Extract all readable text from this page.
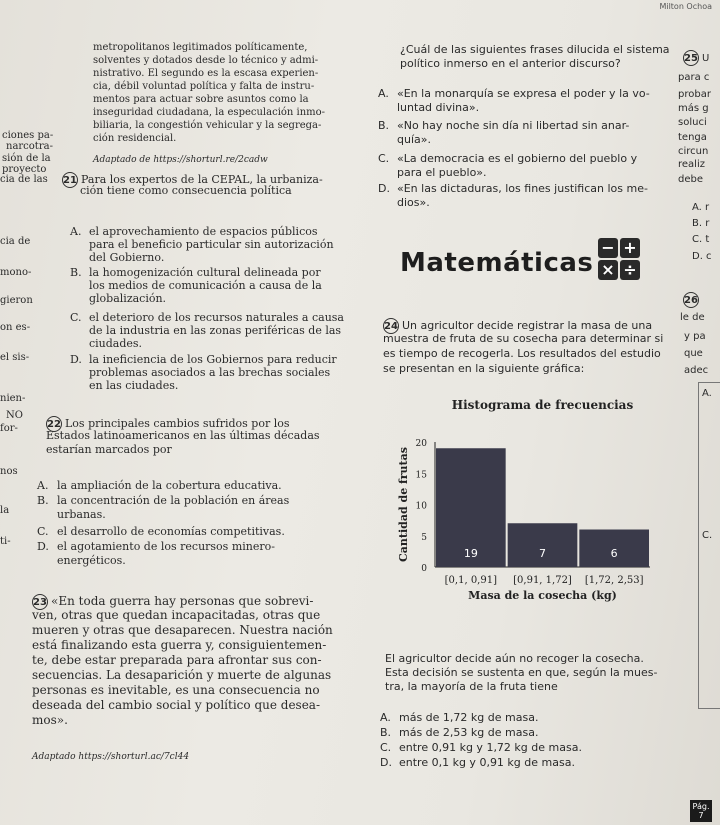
Milton Ochoa
metropolitanos legitimados políticamente,
solventes y dotados desde lo técnico y admi-
nistrativo. El segundo es la escasa experien-
cia, débil voluntad política y falta de instru-
mentos para actuar sobre asuntos como la
inseguridad ciudadana, la especulación inmo-
biliaria, la congestión vehicular y la segrega-
ción residencial.
Adaptado de https://shorturl.re/2cadw
21 Para los expertos de la CEPAL, la urbaniza-
ción tiene como consecuencia política
A. el aprovechamiento de espacios públicos
para el beneficio particular sin autorización
del Gobierno.
B. la homogenización cultural delineada por
los medios de comunicación a causa de la
globalización.
C. el deterioro de los recursos naturales a causa
de la industria en las zonas periféricas de las
ciudades.
D. la ineficiencia de los Gobiernos para reducir
problemas asociados a las brechas sociales
en las ciudades.
22 Los principales cambios sufridos por los
Estados latinoamericanos en las últimas décadas
estarían marcados por
A. la ampliación de la cobertura educativa.
B. la concentración de la población en áreas
urbanas.
C. el desarrollo de economías competitivas.
D. el agotamiento de los recursos minero-
energéticos.
23 «En toda guerra hay personas que sobrevi-
ven, otras que quedan incapacitadas, otras que
mueren y otras que desaparecen. Nuestra nación
está finalizando esta guerra y, consiguientemen-
te, debe estar preparada para afrontar sus con-
secuencias. La desaparición y muerte de algunas
personas es inevitable, es una consecuencia no
deseada del cambio social y político que desea-
mos».
Adaptado https://shorturl.ac/7cl44
ciones pa-
narcotra-
sión de la
proyecto
cia de las
cia de
mono-
gieron
on es-
el sis-
nien-
NO
for-
nos
la
ti-
¿Cuál de las siguientes frases dilucida el sistema
político inmerso en el anterior discurso?
A. «En la monarquía se expresa el poder y la vo-
luntad divina».
B. «No hay noche sin día ni libertad sin anar-
quía».
C. «La democracia es el gobierno del pueblo y
para el pueblo».
D. «En las dictaduras, los fines justifican los me-
dios».
Matemáticas
− +
× ÷
24 Un agricultor decide registrar la masa de una
muestra de fruta de su cosecha para determinar si
es tiempo de recogerla. Los resultados del estudio
se presentan en la siguiente gráfica:
Histograma de frecuencias
0
5
10
15
20
19
[0,1, 0,91]
7
[0,91, 1,72]
6
[1,72, 2,53]
Masa de la cosecha (kg)
Cantidad de frutas
El agricultor decide aún no recoger la cosecha.
Esta decisión se sustenta en que, según la mues-
tra, la mayoría de la fruta tiene
A. más de 1,72 kg de masa.
B. más de 2,53 kg de masa.
C. entre 0,91 kg y 1,72 kg de masa.
D. entre 0,1 kg y 0,91 kg de masa.
25 U
para c
probar
más g
soluci
tenga
circun
realiz
debe
A. r
B. r
C. t
D. c
26
le de
y pa
que
adec
A.
C.
Pág. 7
